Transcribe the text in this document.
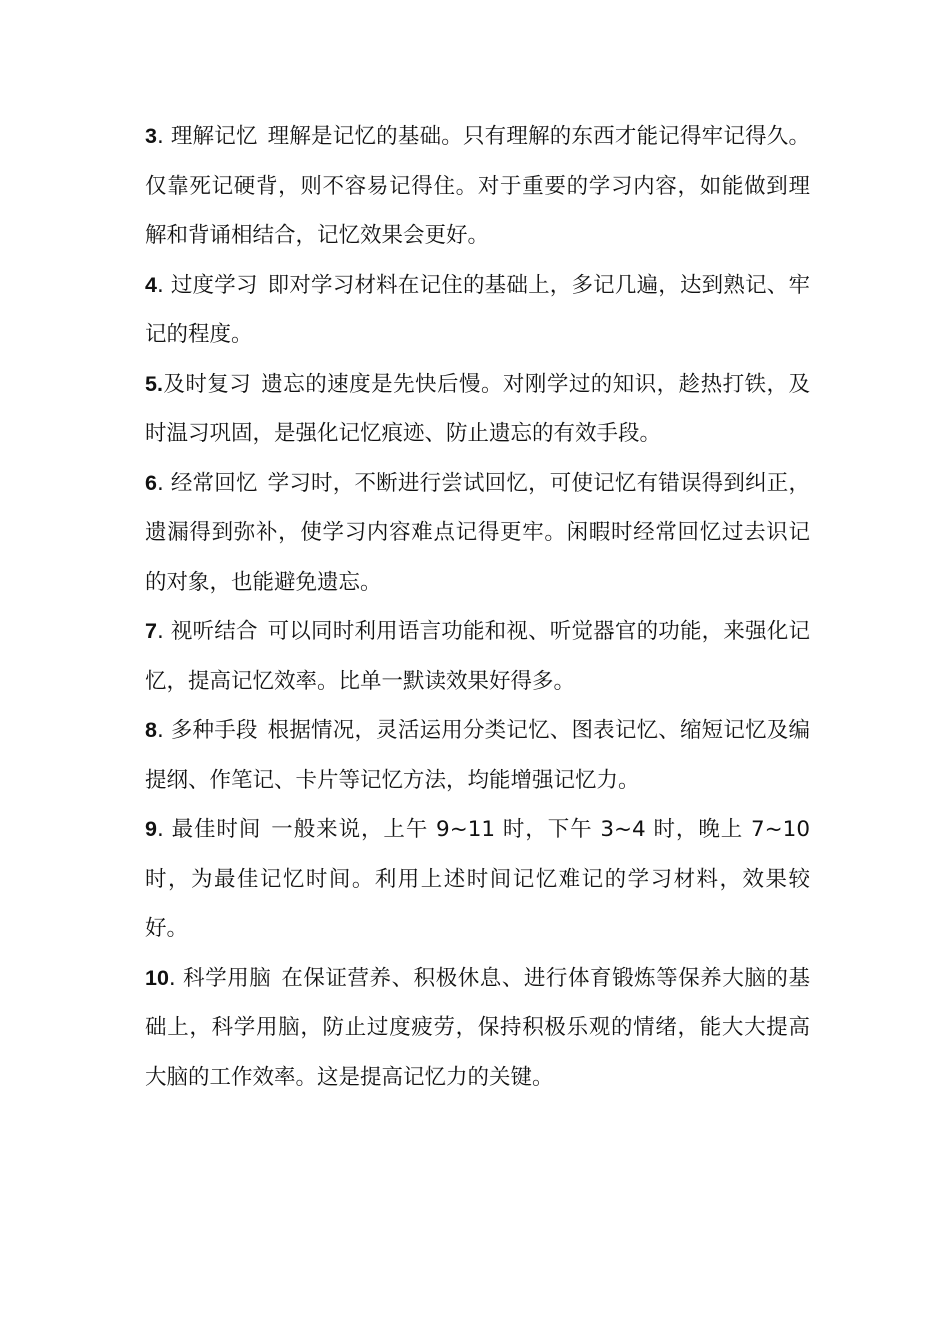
3. 理解记忆 理解是记忆的基础。只有理解的东西才能记得牢记得久。仅靠死记硬背，则不容易记得住。对于重要的学习内容，如能做到理解和背诵相结合，记忆效果会更好。

4. 过度学习 即对学习材料在记住的基础上，多记几遍，达到熟记、牢记的程度。

5.及时复习 遗忘的速度是先快后慢。对刚学过的知识，趁热打铁，及时温习巩固，是强化记忆痕迹、防止遗忘的有效手段。

6. 经常回忆 学习时，不断进行尝试回忆，可使记忆有错误得到纠正，遗漏得到弥补，使学习内容难点记得更牢。闲暇时经常回忆过去识记的对象，也能避免遗忘。

7. 视听结合 可以同时利用语言功能和视、听觉器官的功能，来强化记忆，提高记忆效率。比单一默读效果好得多。

8. 多种手段 根据情况，灵活运用分类记忆、图表记忆、缩短记忆及编提纲、作笔记、卡片等记忆方法，均能增强记忆力。

9. 最佳时间 一般来说，上午 9~11 时，下午 3~4 时，晚上 7~10 时，为最佳记忆时间。利用上述时间记忆难记的学习材料，效果较好。

10. 科学用脑 在保证营养、积极休息、进行体育锻炼等保养大脑的基础上，科学用脑，防止过度疲劳，保持积极乐观的情绪，能大大提高大脑的工作效率。这是提高记忆力的关键。
